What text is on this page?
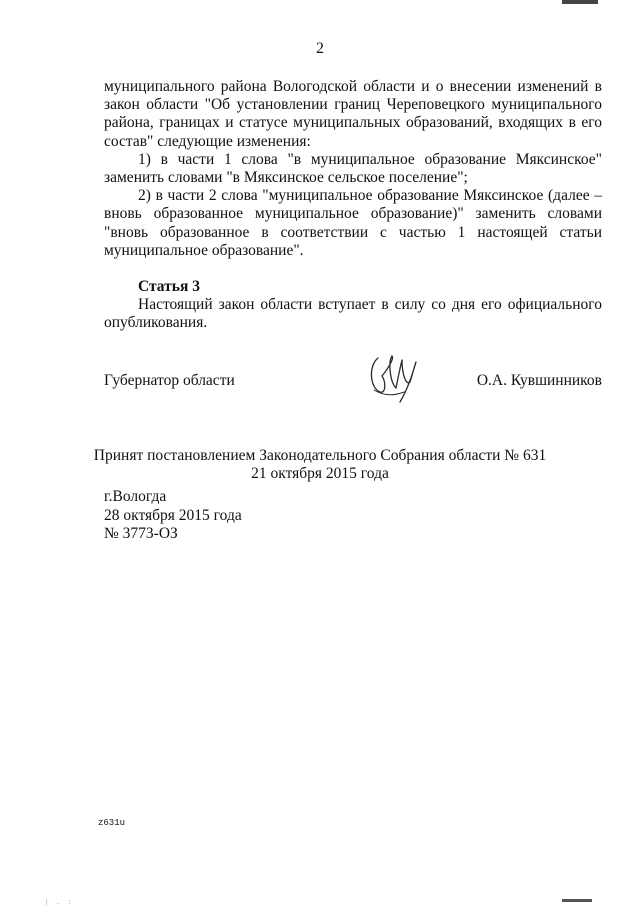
2

муниципального района Вологодской области и о внесении изменений в закон области "Об установлении границ Череповецкого муниципального района, границах и статусе муниципальных образований, входящих в его состав" следующие изменения:

1) в части 1 слова "в муниципальное образование Мяксинское" заменить словами "в Мяксинское сельское поселение";

2) в части 2 слова "муниципальное образование Мяксинское (далее – вновь образованное муниципальное образование)" заменить словами "вновь образованное в соответствии с частью 1 настоящей статьи муниципальное образование".

Статья 3

Настоящий закон области вступает в силу со дня его официального опубликования.

Губернатор области	О.А. Кувшинников
Принят постановлением Законодательного Собрания области № 631
21 октября 2015 года
г.Вологда
28 октября 2015 года
№ 3773-ОЗ
z631u
| . :
